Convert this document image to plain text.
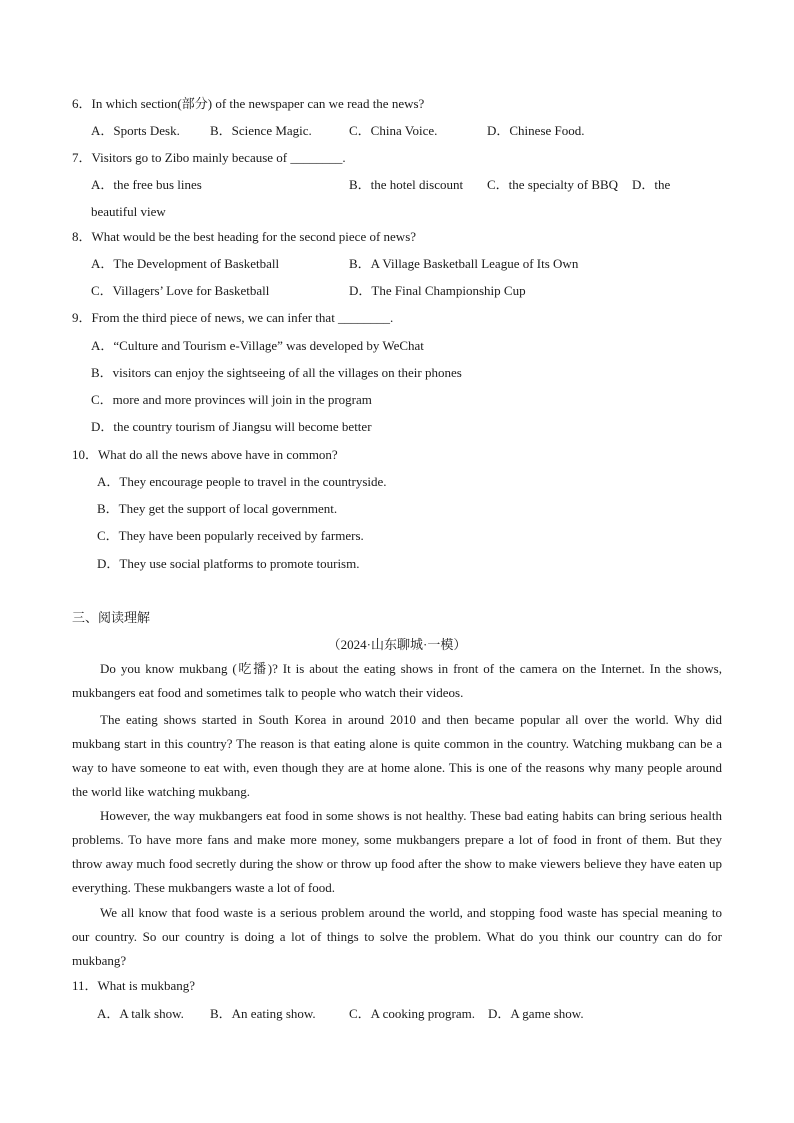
6．In which section(部分) of the newspaper can we read the news?
A．Sports Desk. B．Science Magic.	C．China Voice.	D．Chinese Food.
7．Visitors go to Zibo mainly because of ________.
A．the free bus lines	B．the hotel discount C．the specialty of BBQ D．the
beautiful view
8．What would be the best heading for the second piece of news?
A．The Development of Basketball	B．A Village Basketball League of Its Own
C．Villagers’ Love for Basketball	D．The Final Championship Cup
9．From the third piece of news, we can infer that ________.
A．“Culture and Tourism e-Village” was developed by WeChat
B．visitors can enjoy the sightseeing of all the villages on their phones
C．more and more provinces will join in the program
D．the country tourism of Jiangsu will become better
10．What do all the news above have in common?
A．They encourage people to travel in the countryside.
B．They get the support of local government.
C．They have been popularly received by farmers.
D．They use social platforms to promote tourism.
三、阅读理解
（2024·山东聊城·一模）
Do you know mukbang (吃播)? It is about the eating shows in front of the camera on the Internet. In the shows, mukbangers eat food and sometimes talk to people who watch their videos.
The eating shows started in South Korea in around 2010 and then became popular all over the world. Why did mukbang start in this country? The reason is that eating alone is quite common in the country. Watching mukbang can be a way to have someone to eat with, even though they are at home alone. This is one of the reasons why many people around the world like watching mukbang.
However, the way mukbangers eat food in some shows is not healthy. These bad eating habits can bring serious health problems. To have more fans and make more money, some mukbangers prepare a lot of food in front of them. But they throw away much food secretly during the show or throw up food after the show to make viewers believe they have eaten up everything. These mukbangers waste a lot of food.
We all know that food waste is a serious problem around the world, and stopping food waste has special meaning to our country. So our country is doing a lot of things to solve the problem. What do you think our country can do for mukbang?
11．What is mukbang?
A．A talk show. B．An eating show.	C．A cooking program. D．A game show.
